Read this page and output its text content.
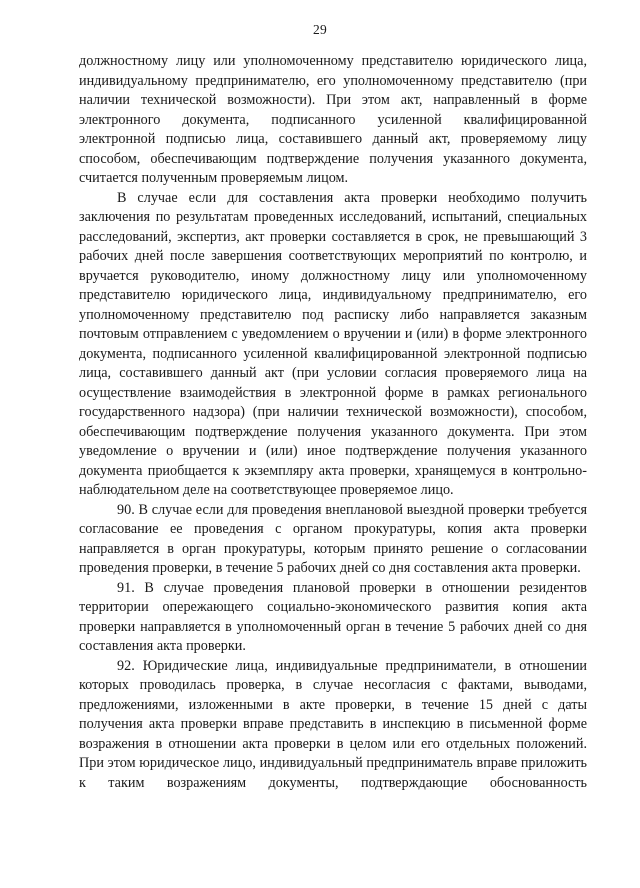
29

должностному лицу или уполномоченному представителю юридического лица, индивидуальному предпринимателю, его уполномоченному представителю (при наличии технической возможности). При этом акт, направленный в форме электронного документа, подписанного усиленной квалифицированной электронной подписью лица, составившего данный акт, проверяемому лицу способом, обеспечивающим подтверждение получения указанного документа, считается полученным проверяемым лицом.

В случае если для составления акта проверки необходимо получить заключения по результатам проведенных исследований, испытаний, специальных расследований, экспертиз, акт проверки составляется в срок, не превышающий 3 рабочих дней после завершения соответствующих мероприятий по контролю, и вручается руководителю, иному должностному лицу или уполномоченному представителю юридического лица, индивидуальному предпринимателю, его уполномоченному представителю под расписку либо направляется заказным почтовым отправлением с уведомлением о вручении и (или) в форме электронного документа, подписанного усиленной квалифицированной электронной подписью лица, составившего данный акт (при условии согласия проверяемого лица на осуществление взаимодействия в электронной форме в рамках регионального государственного надзора) (при наличии технической возможности), способом, обеспечивающим подтверждение получения указанного документа. При этом уведомление о вручении и (или) иное подтверждение получения указанного документа приобщается к экземпляру акта проверки, хранящемуся в контрольно-наблюдательном деле на соответствующее проверяемое лицо.

90. В случае если для проведения внеплановой выездной проверки требуется согласование ее проведения с органом прокуратуры, копия акта проверки направляется в орган прокуратуры, которым принято решение о согласовании проведения проверки, в течение 5 рабочих дней со дня составления акта проверки.

91. В случае проведения плановой проверки в отношении резидентов территории опережающего социально-экономического развития копия акта проверки направляется в уполномоченный орган в течение 5 рабочих дней со дня составления акта проверки.

92. Юридические лица, индивидуальные предприниматели, в отношении которых проводилась проверка, в случае несогласия с фактами, выводами, предложениями, изложенными в акте проверки, в течение 15 дней с даты получения акта проверки вправе представить в инспекцию в письменной форме возражения в отношении акта проверки в целом или его отдельных положений. При этом юридическое лицо, индивидуальный предприниматель вправе приложить к таким возражениям документы, подтверждающие обоснованность
